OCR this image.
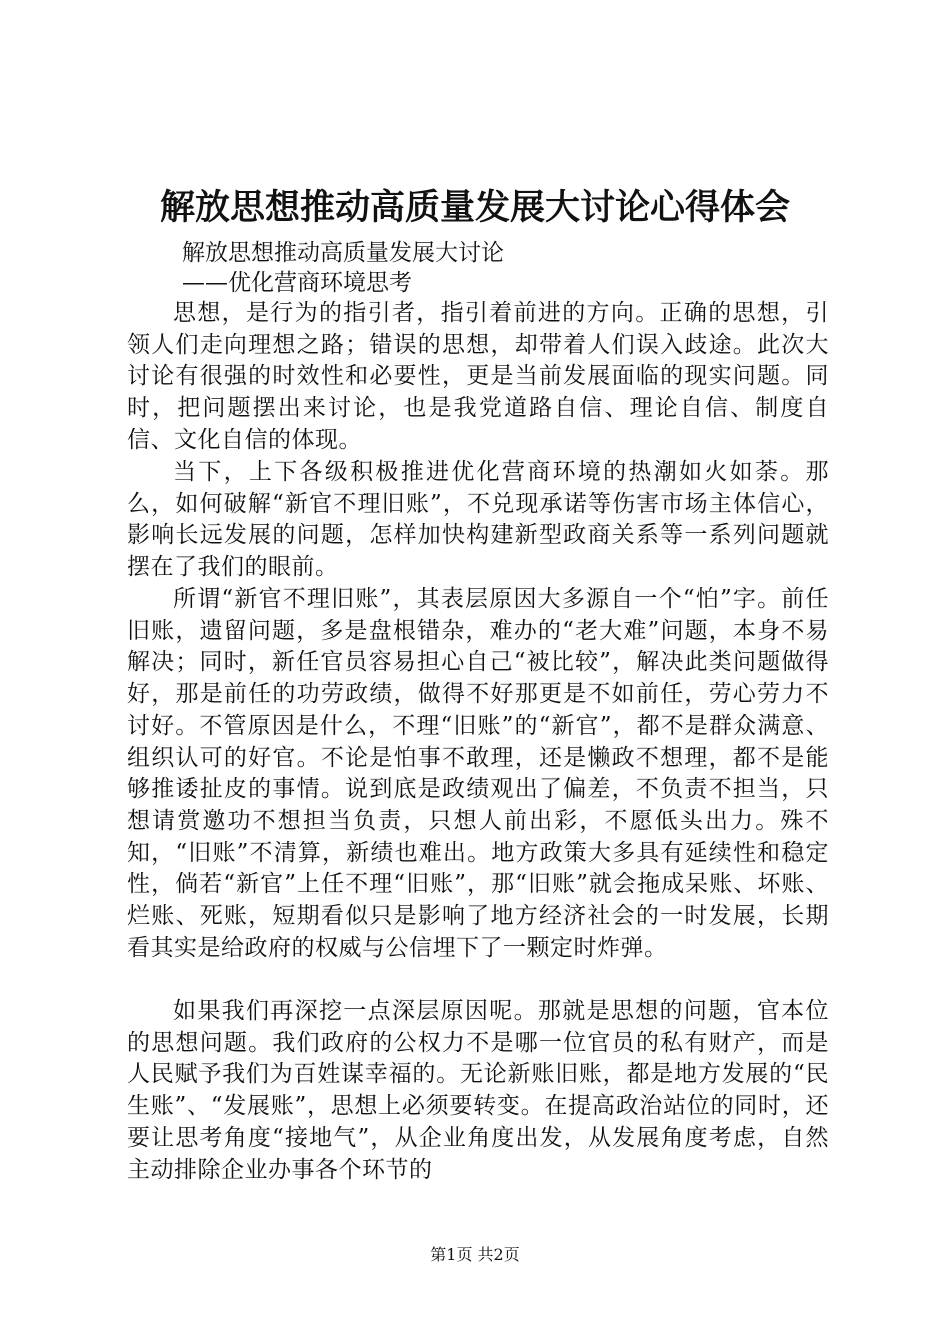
解放思想推动高质量发展大讨论心得体会

解放思想推动高质量发展大讨论

——优化营商环境思考

思想，是行为的指引者，指引着前进的方向。正确的思想，引领人们走向理想之路；错误的思想，却带着人们误入歧途。此次大讨论有很强的时效性和必要性，更是当前发展面临的现实问题。同时，把问题摆出来讨论，也是我党道路自信、理论自信、制度自信、文化自信的体现。

当下，上下各级积极推进优化营商环境的热潮如火如荼。那么，如何破解“新官不理旧账”，不兑现承诺等伤害市场主体信心，影响长远发展的问题，怎样加快构建新型政商关系等一系列问题就摆在了我们的眼前。

所谓“新官不理旧账”，其表层原因大多源自一个“怕”字。前任旧账，遗留问题，多是盘根错杂，难办的“老大难”问题，本身不易解决；同时，新任官员容易担心自己“被比较”，解决此类问题做得好，那是前任的功劳政绩，做得不好那更是不如前任，劳心劳力不讨好。不管原因是什么，不理“旧账”的“新官”，都不是群众满意、组织认可的好官。不论是怕事不敢理，还是懒政不想理，都不是能够推诿扯皮的事情。说到底是政绩观出了偏差，不负责不担当，只想请赏邀功不想担当负责，只想人前出彩，不愿低头出力。殊不知，“旧账”不清算，新绩也难出。地方政策大多具有延续性和稳定性，倘若“新官”上任不理“旧账”，那“旧账”就会拖成呆账、坏账、烂账、死账，短期看似只是影响了地方经济社会的一时发展，长期看其实是给政府的权威与公信埋下了一颗定时炸弹。

如果我们再深挖一点深层原因呢。那就是思想的问题，官本位的思想问题。我们政府的公权力不是哪一位官员的私有财产，而是人民赋予我们为百姓谋幸福的。无论新账旧账，都是地方发展的“民生账”、“发展账”，思想上必须要转变。在提高政治站位的同时，还要让思考角度“接地气”，从企业角度出发，从发展角度考虑，自然主动排除企业办事各个环节的

第1页 共2页
